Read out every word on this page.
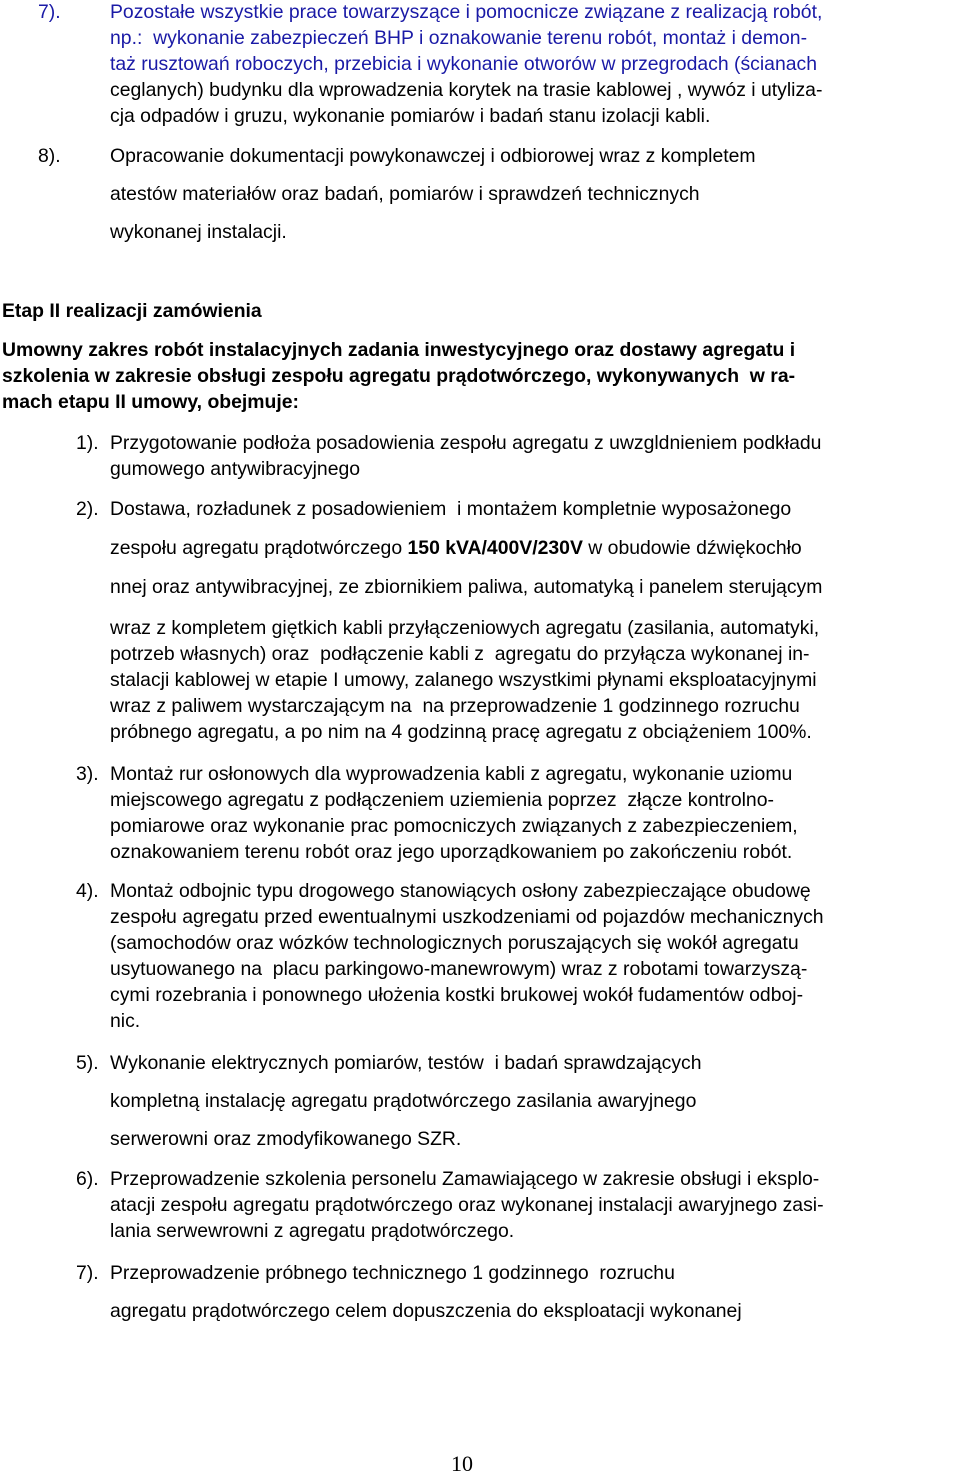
7).	Pozostałe wszystkie prace towarzyszące i pomocnicze związane z realizacją robót,
np.:  wykonanie zabezpieczeń BHP i oznakowanie terenu robót, montaż i demon-
taż rusztowań roboczych, przebicia i wykonanie otworów w przegrodach (ścianach
ceglanych) budynku dla wprowadzenia korytek na trasie kablowej , wywóz i utyliza-
cja odpadów i gruzu, wykonanie pomiarów i badań stanu izolacji kabli.
8).	Opracowanie dokumentacji powykonawczej i odbiorowej wraz z kompletem
atestów materiałów oraz badań, pomiarów i sprawdzeń technicznych
wykonanej instalacji.
Etap II realizacji zamówienia
Umowny zakres robót instalacyjnych zadania inwestycyjnego oraz dostawy agregatu i
szkolenia w zakresie obsługi zespołu agregatu prądotwórczego, wykonywanych  w ra-
mach etapu II umowy, obejmuje:
1). Przygotowanie podłoża posadowienia zespołu agregatu z uwzgldnieniem podkładu
gumowego antywibracyjnego
2). Dostawa, rozładunek z posadowieniem  i montażem kompletnie wyposażonego
zespołu agregatu prądotwórczego 150 kVA/400V/230V w obudowie dźwiękochło
nnej oraz antywibracyjnej, ze zbiornikiem paliwa, automatyką i panelem sterującym
wraz z kompletem giętkich kabli przyłączeniowych agregatu (zasilania, automatyki,
potrzeb własnych) oraz  podłączenie kabli z  agregatu do przyłącza wykonanej in-
stalacji kablowej w etapie I umowy, zalanego wszystkimi płynami eksploatacyjnymi
wraz z paliwem wystarczającym na  na przeprowadzenie 1 godzinnego rozruchu
próbnego agregatu, a po nim na 4 godzinną pracę agregatu z obciążeniem 100%.
3). Montaż rur osłonowych dla wyprowadzenia kabli z agregatu, wykonanie uziomu
miejscowego agregatu z podłączeniem uziemienia poprzez  złącze kontrolno-
pomiarowe oraz wykonanie prac pomocniczych związanych z zabezpieczeniem,
oznakowaniem terenu robót oraz jego uporządkowaniem po zakończeniu robót.
4). Montaż odbojnic typu drogowego stanowiących osłony zabezpieczające obudowę
zespołu agregatu przed ewentualnymi uszkodzeniami od pojazdów mechanicznych
(samochodów oraz wózków technologicznych poruszających się wokół agregatu
usytuowanego na  placu parkingowo-manewrowym) wraz z robotami towarzyszą-
cymi rozebrania i ponownego ułożenia kostki brukowej wokół fudamentów odboj-
nic.
5). Wykonanie elektrycznych pomiarów, testów  i badań sprawdzających
kompletną instalację agregatu prądotwórczego zasilania awaryjnego
serwerowni oraz zmodyfikowanego SZR.
6). Przeprowadzenie szkolenia personelu Zamawiającego w zakresie obsługi i eksplo-
atacji zespołu agregatu prądotwórczego oraz wykonanej instalacji awaryjnego zasi-
lania serwewrowni z agregatu prądotwórczego.
7). Przeprowadzenie próbnego technicznego 1 godzinnego  rozruchu
agregatu prądotwórczego celem dopuszczenia do eksploatacji wykonanej
10
